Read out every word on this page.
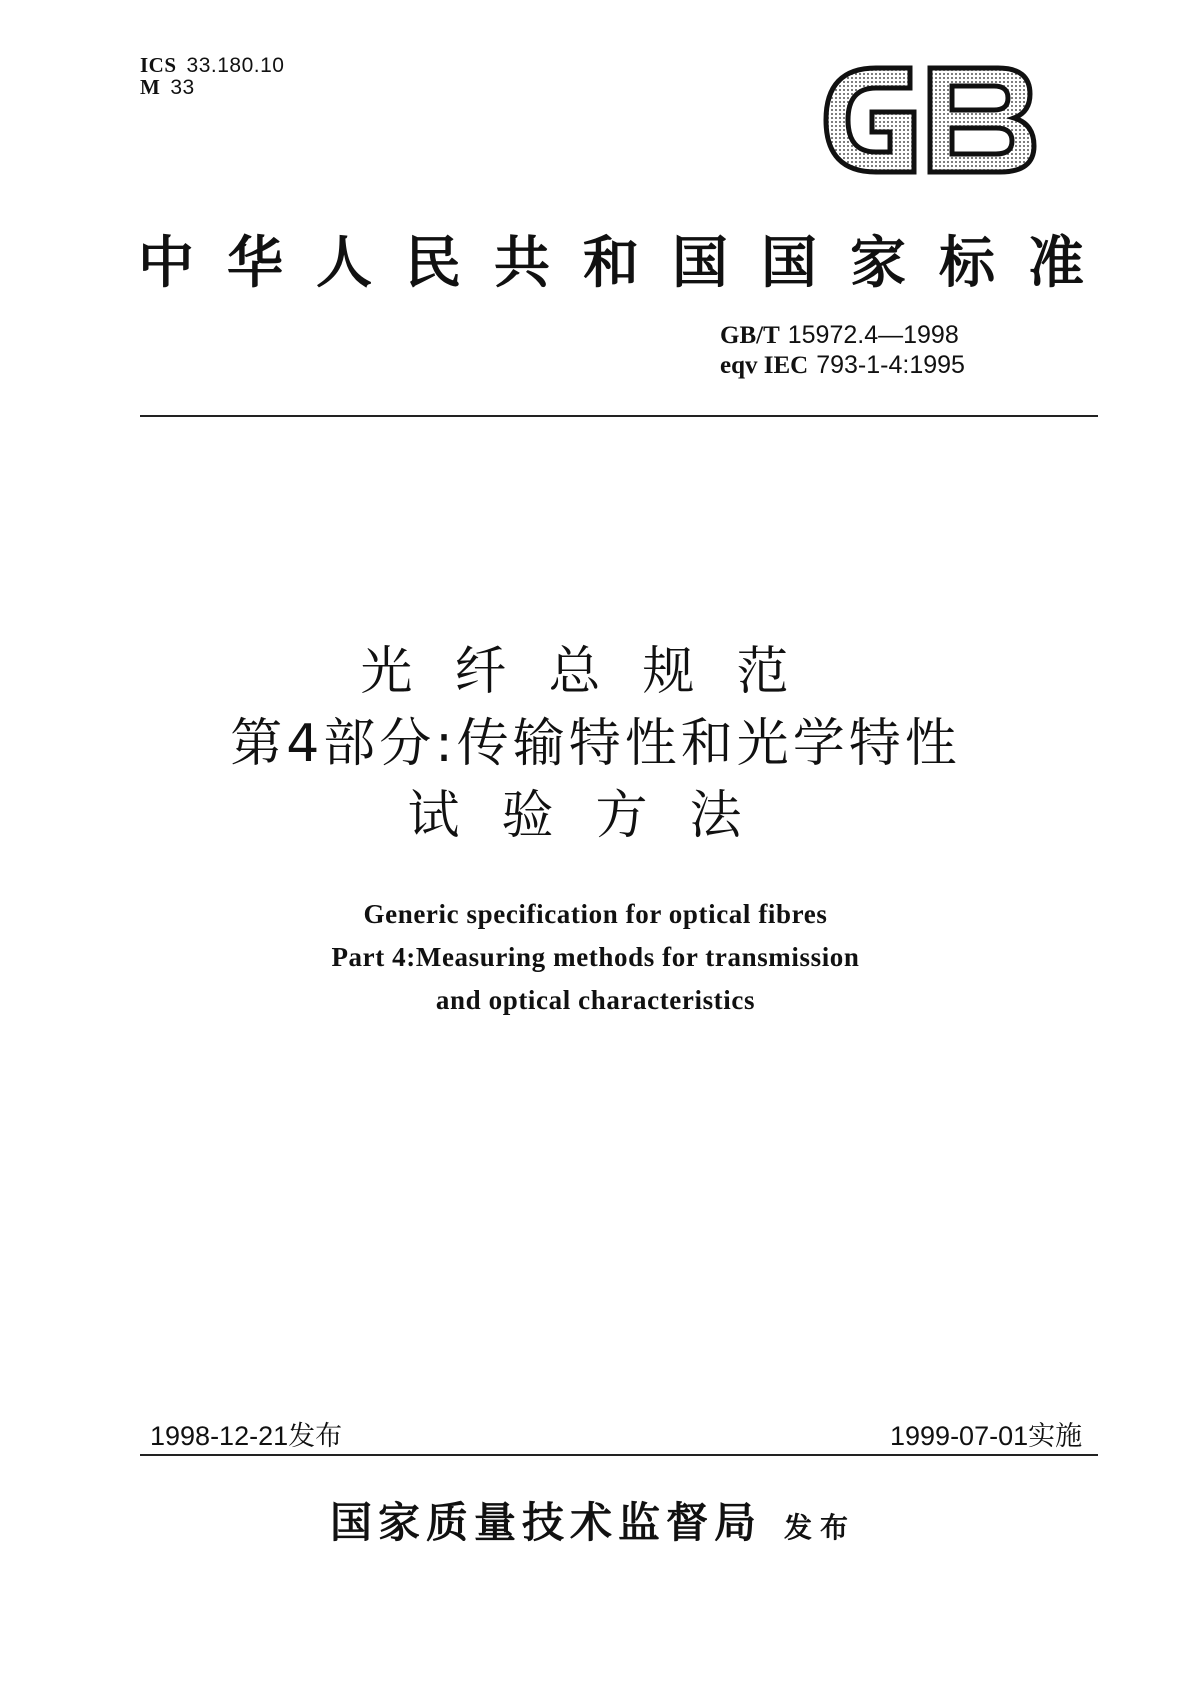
ICS 33.180.10
M 33
中华人民共和国国家标准
GB/T 15972.4—1998
eqv IEC 793-1-4:1995
光纤总规范
第4部分:传输特性和光学特性
试验方法
Generic specification for optical fibres
Part 4:Measuring methods for transmission
and optical characteristics
1998-12-21发布	1999-07-01实施
国家质量技术监督局 发布
